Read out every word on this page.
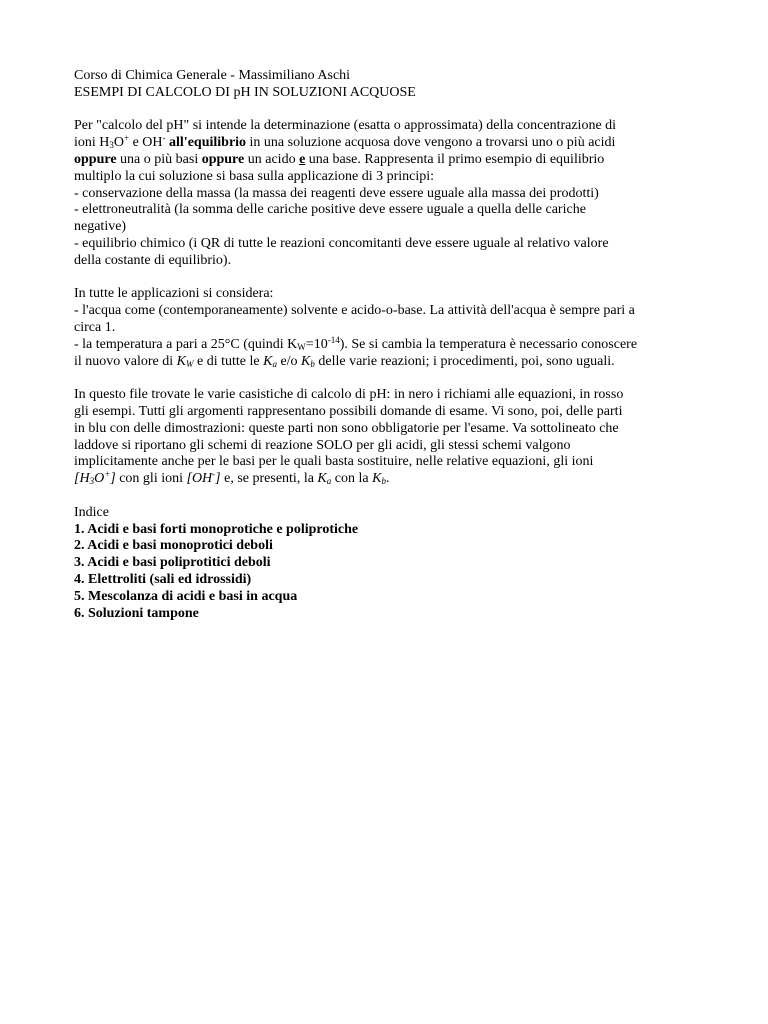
Corso di Chimica Generale - Massimiliano Aschi
ESEMPI DI CALCOLO DI pH IN SOLUZIONI ACQUOSE
Per "calcolo del pH" si intende la determinazione (esatta o approssimata) della concentrazione di
ioni $H_3O^+$ e OH- all'equilibrio in una soluzione acquosa dove vengono a trovarsi uno o più acidi
oppure una o più basi oppure un acido e una base. Rappresenta il primo esempio di equilibrio
multiplo la cui soluzione si basa sulla applicazione di 3 principi:
- conservazione della massa (la massa dei reagenti deve essere uguale alla massa dei prodotti)
- elettroneutralità (la somma delle cariche positive deve essere uguale a quella delle cariche
negative)
- equilibrio chimico (i QR di tutte le reazioni concomitanti deve essere uguale al relativo valore
della costante di equilibrio).
In tutte le applicazioni si considera:
- l'acqua come (contemporaneamente) solvente e acido-o-base. La attività dell'acqua è sempre pari a
circa 1.
- la temperatura a pari a 25°C (quindi $K_W=10^{-14}$). Se si cambia la temperatura è necessario conoscere
il nuovo valore di $K_W$ e di tutte le $K_a$ e/o $K_b$ delle varie reazioni; i procedimenti, poi, sono uguali.
In questo file trovate le varie casistiche di calcolo di pH: in nero i richiami alle equazioni, in rosso
gli esempi. Tutti gli argomenti rappresentano possibili domande di esame. Vi sono, poi, delle parti
in blu con delle dimostrazioni: queste parti non sono obbligatorie per l'esame. Va sottolineato che
laddove si riportano gli schemi di reazione SOLO per gli acidi, gli stessi schemi valgono
implicitamente anche per le basi per le quali basta sostituire, nelle relative equazioni, gli ioni
$[H_3O^+]$ con gli ioni [OH-] e, se presenti, la $K_a$ con la $K_b$.
Indice
1. Acidi e basi forti monoprotiche e poliprotiche
2. Acidi e basi monoprotici deboli
3. Acidi e basi poliprotitici deboli
4. Elettroliti (sali ed idrossidi)
5. Mescolanza di acidi e basi in acqua
6. Soluzioni tampone
